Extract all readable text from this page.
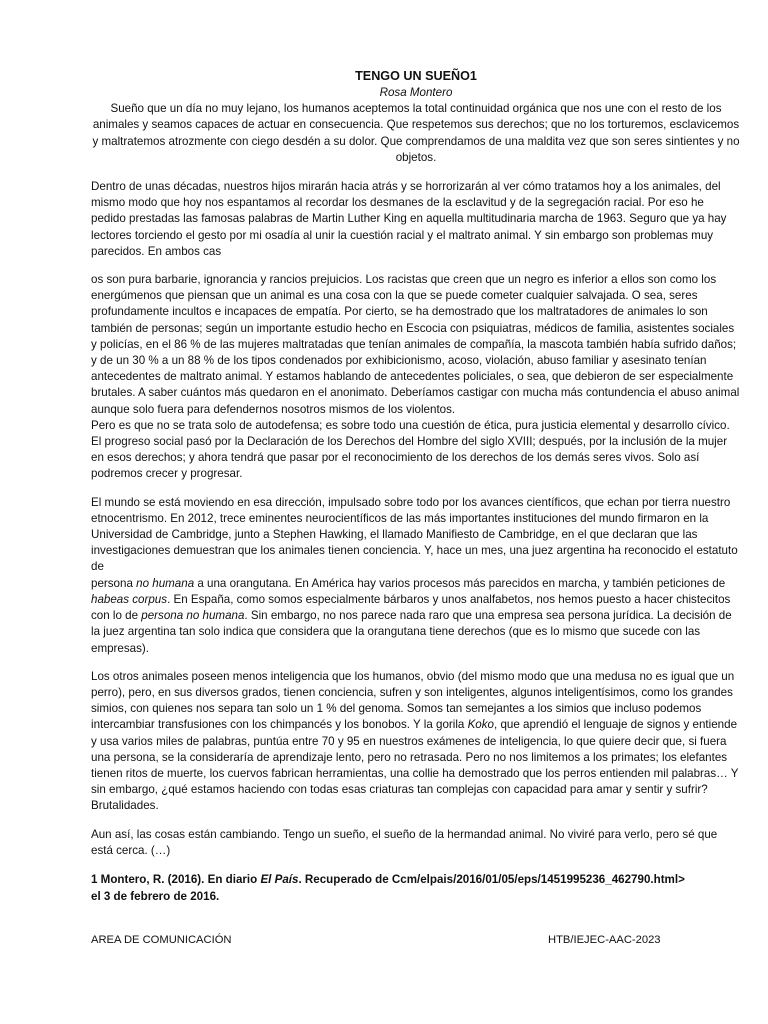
TENGO UN SUEÑO1

Rosa Montero

Sueño que un día no muy lejano, los humanos aceptemos la total continuidad orgánica que nos une con el resto de los animales y seamos capaces de actuar en consecuencia. Que respetemos sus derechos; que no los torturemos, esclavicemos y maltratemos atrozmente con ciego desdén a su dolor. Que comprendamos de una maldita vez que son seres sintientes y no objetos.

Dentro de unas décadas, nuestros hijos mirarán hacia atrás y se horrorizarán al ver cómo tratamos hoy a los animales, del mismo modo que hoy nos espantamos al recordar los desmanes de la esclavitud y de la segregación racial. Por eso he pedido prestadas las famosas palabras de Martin Luther King en aquella multitudinaria marcha de 1963. Seguro que ya hay lectores torciendo el gesto por mi osadía al unir la cuestión racial y el maltrato animal. Y sin embargo son problemas muy parecidos. En ambos cas

os son pura barbarie, ignorancia y rancios prejuicios. Los racistas que creen que un negro es inferior a ellos son como los energúmenos que piensan que un animal es una cosa con la que se puede cometer cualquier salvajada. O sea, seres profundamente incultos e incapaces de empatía. Por cierto, se ha demostrado que los maltratadores de animales lo son también de personas; según un importante estudio hecho en Escocia con psiquiatras, médicos de familia, asistentes sociales y policías, en el 86 % de las mujeres maltratadas que tenían animales de compañía, la mascota también había sufrido daños; y de un 30 % a un 88 % de los tipos condenados por exhibicionismo, acoso, violación, abuso familiar y asesinato tenían

antecedentes de maltrato animal. Y estamos hablando de antecedentes policiales, o sea, que debieron de ser especialmente brutales. A saber cuántos más quedaron en el anonimato. Deberíamos castigar con mucha más contundencia el abuso animal aunque solo fuera para defendernos nosotros mismos de los violentos.

Pero es que no se trata solo de autodefensa; es sobre todo una cuestión de ética, pura justicia elemental y desarrollo cívico. El progreso social pasó por la Declaración de los Derechos del Hombre del siglo XVIII; después, por la inclusión de la mujer en esos derechos; y ahora tendrá que pasar por el reconocimiento de los derechos de los demás seres vivos. Solo así podremos crecer y progresar.

El mundo se está moviendo en esa dirección, impulsado sobre todo por los avances científicos, que echan por tierra nuestro etnocentrismo. En 2012, trece eminentes neurocientíficos de las más importantes instituciones del mundo firmaron en la Universidad de Cambridge, junto a Stephen Hawking, el llamado Manifiesto de Cambridge, en el que declaran que las investigaciones demuestran que los animales tienen conciencia. Y, hace un mes, una juez argentina ha reconocido el estatuto de

persona no humana a una orangutana. En América hay varios procesos más parecidos en marcha, y también peticiones de habeas corpus. En España, como somos especialmente bárbaros y unos analfabetos, nos hemos puesto a hacer chistecitos con lo de persona no humana. Sin embargo, no nos parece nada raro que una empresa sea persona jurídica. La decisión de la juez argentina tan solo indica que considera que la orangutana tiene derechos (que es lo mismo que sucede con las empresas).

Los otros animales poseen menos inteligencia que los humanos, obvio (del mismo modo que una medusa no es igual que un perro), pero, en sus diversos grados, tienen conciencia, sufren y son inteligentes, algunos inteligentísimos, como los grandes simios, con quienes nos separa tan solo un 1 % del genoma. Somos tan semejantes a los simios que incluso podemos intercambiar transfusiones con los chimpancés y los bonobos. Y la gorila Koko, que aprendió el lenguaje de signos y entiende y usa varios miles de palabras, puntúa entre 70 y 95 en nuestros exámenes de inteligencia, lo que quiere decir que, si fuera una persona, se la consideraría de aprendizaje lento, pero no retrasada. Pero no nos limitemos a los primates; los elefantes tienen ritos de muerte, los cuervos fabrican herramientas, una collie ha demostrado que los perros entienden mil palabras… Y sin embargo, ¿qué estamos haciendo con todas esas criaturas tan complejas con capacidad para amar y sentir y sufrir? Brutalidades.

Aun así, las cosas están cambiando. Tengo un sueño, el sueño de la hermandad animal. No viviré para verlo, pero sé que está cerca. (…)

1 Montero, R. (2016). En diario El País. Recuperado de Ccm/elpais/2016/01/05/eps/1451995236_462790.html>
el 3 de febrero de 2016.

AREA DE COMUNICACIÓN	HTB/IEJEC-AAC-2023
